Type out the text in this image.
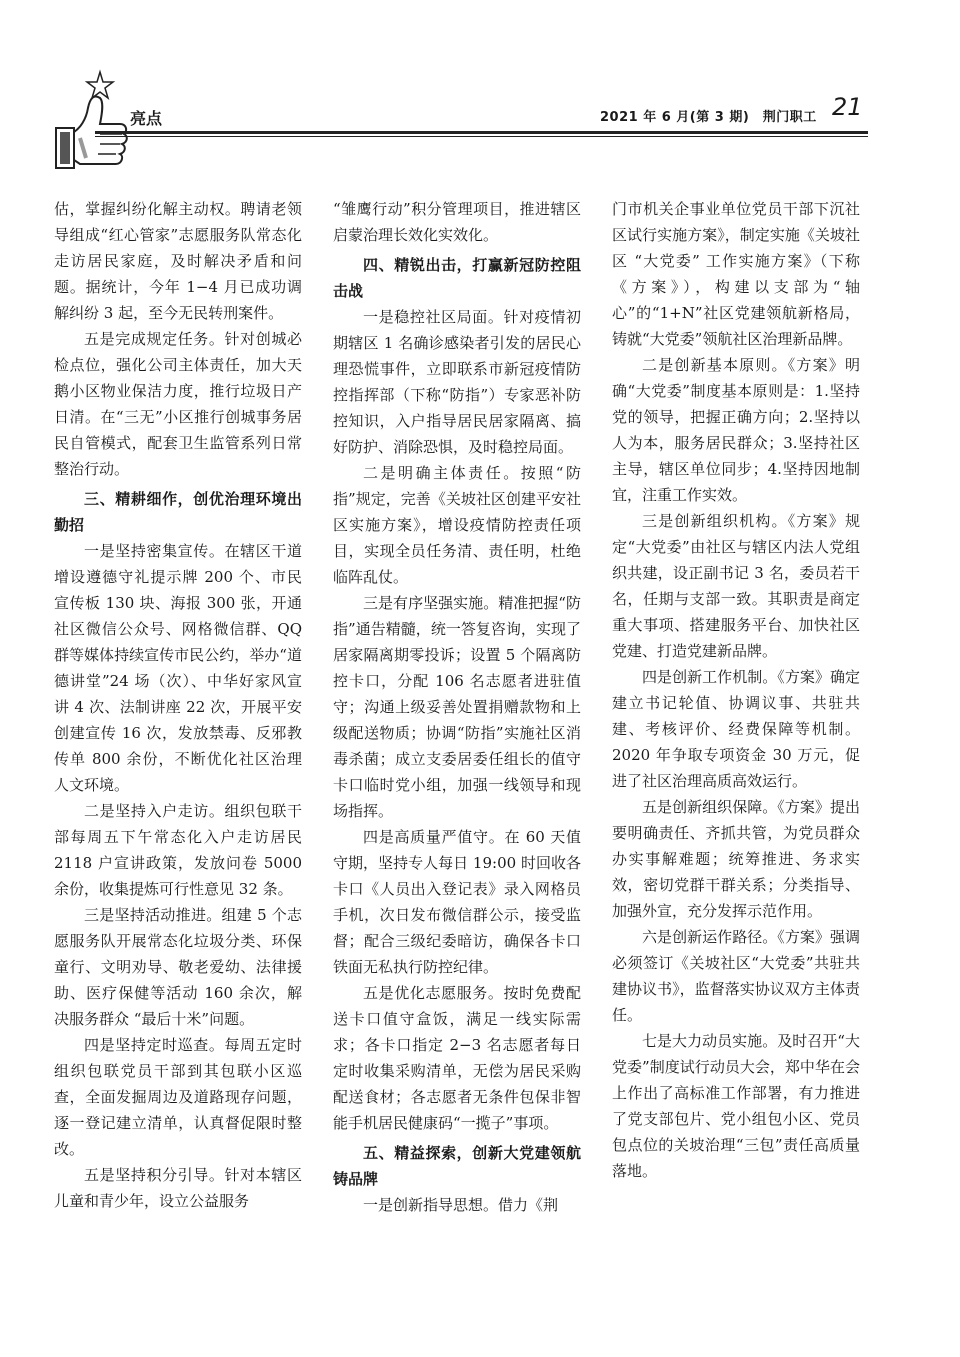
亮点	2021 年 6 月(第 3 期)　荆门职工 21

估，掌握纠纷化解主动权。聘请老领导组成“红心管家”志愿服务队常态化走访居民家庭，及时解决矛盾和问题。据统计，今年 1−4 月已成功调解纠纷 3 起，至今无民转刑案件。

五是完成规定任务。针对创城必检点位，强化公司主体责任，加大天鹅小区物业保洁力度，推行垃圾日产日清。在“三无”小区推行创城事务居民自管模式，配套卫生监管系列日常整治行动。

三、精耕细作，创优治理环境出勤招

一是坚持密集宣传。在辖区干道增设遵德守礼提示牌 200 个、市民宣传板 130 块、海报 300 张，开通社区微信公众号、网格微信群、QQ 群等媒体持续宣传市民公约，举办“道德讲堂”24 场（次）、中华好家风宣讲 4 次、法制讲座 22 次，开展平安创建宣传 16 次，发放禁毒、反邪教传单 800 余份，不断优化社区治理人文环境。

二是坚持入户走访。组织包联干部每周五下午常态化入户走访居民 2118 户宣讲政策，发放问卷 5000 余份，收集提炼可行性意见 32 条。

三是坚持活动推进。组建 5 个志愿服务队开展常态化垃圾分类、环保童行、文明劝导、敬老爱幼、法律援助、医疗保健等活动 160 余次，解决服务群众 “最后十米”问题。

四是坚持定时巡查。每周五定时组织包联党员干部到其包联小区巡查，全面发掘周边及道路现存问题，逐一登记建立清单，认真督促限时整改。

五是坚持积分引导。针对本辖区儿童和青少年，设立公益服务

“雏鹰行动”积分管理项目，推进辖区启蒙治理长效化实效化。

四、精锐出击，打赢新冠防控阻击战

一是稳控社区局面。针对疫情初期辖区 1 名确诊感染者引发的居民心理恐慌事件，立即联系市新冠疫情防控指挥部（下称“防指”）专家恶补防控知识，入户指导居民居家隔离、搞好防护、消除恐惧，及时稳控局面。

二是明确主体责任。按照“防指”规定，完善《关坡社区创建平安社区实施方案》，增设疫情防控责任项目，实现全员任务清、责任明，杜绝临阵乱仗。

三是有序坚强实施。精准把握“防指”通告精髓，统一答复咨询，实现了居家隔离期零投诉；设置 5 个隔离防控卡口，分配 106 名志愿者进驻值守；沟通上级妥善处置捐赠款物和上级配送物质；协调“防指”实施社区消毒杀菌；成立支委居委任组长的值守卡口临时党小组，加强一线领导和现场指挥。

四是高质量严值守。在 60 天值守期，坚持专人每日 19:00 时回收各卡口《人员出入登记表》录入网格员手机，次日发布微信群公示，接受监督；配合三级纪委暗访，确保各卡口铁面无私执行防控纪律。

五是优化志愿服务。按时免费配送卡口值守盒饭，满足一线实际需求；各卡口指定 2−3 名志愿者每日定时收集采购清单，无偿为居民采购配送食材；各志愿者无条件包保非智能手机居民健康码“一揽子”事项。

五、精益探索，创新大党建领航铸品牌

一是创新指导思想。借力《荆

门市机关企事业单位党员干部下沉社区试行实施方案》，制定实施《关坡社区 “大党委” 工作实施方案》（下称《方案》），构建以支部为“轴心”的“1+N”社区党建领航新格局，铸就“大党委”领航社区治理新品牌。

二是创新基本原则。《方案》明确“大党委”制度基本原则是：1.坚持党的领导，把握正确方向；2.坚持以人为本，服务居民群众；3.坚持社区主导，辖区单位同步；4.坚持因地制宜，注重工作实效。

三是创新组织机构。《方案》规定“大党委”由社区与辖区内法人党组织共建，设正副书记 3 名，委员若干名，任期与支部一致。其职责是商定重大事项、搭建服务平台、加快社区党建、打造党建新品牌。

四是创新工作机制。《方案》确定建立书记轮值、协调议事、共驻共建、考核评价、经费保障等机制。2020 年争取专项资金 30 万元，促进了社区治理高质高效运行。

五是创新组织保障。《方案》提出要明确责任、齐抓共管，为党员群众办实事解难题；统筹推进、务求实效，密切党群干群关系；分类指导、加强外宣，充分发挥示范作用。

六是创新运作路径。《方案》强调必须签订《关坡社区“大党委”共驻共建协议书》，监督落实协议双方主体责任。

七是大力动员实施。及时召开“大党委”制度试行动员大会，郑中华在会上作出了高标准工作部署，有力推进了党支部包片、党小组包小区、党员包点位的关坡治理“三包”责任高质量落地。
